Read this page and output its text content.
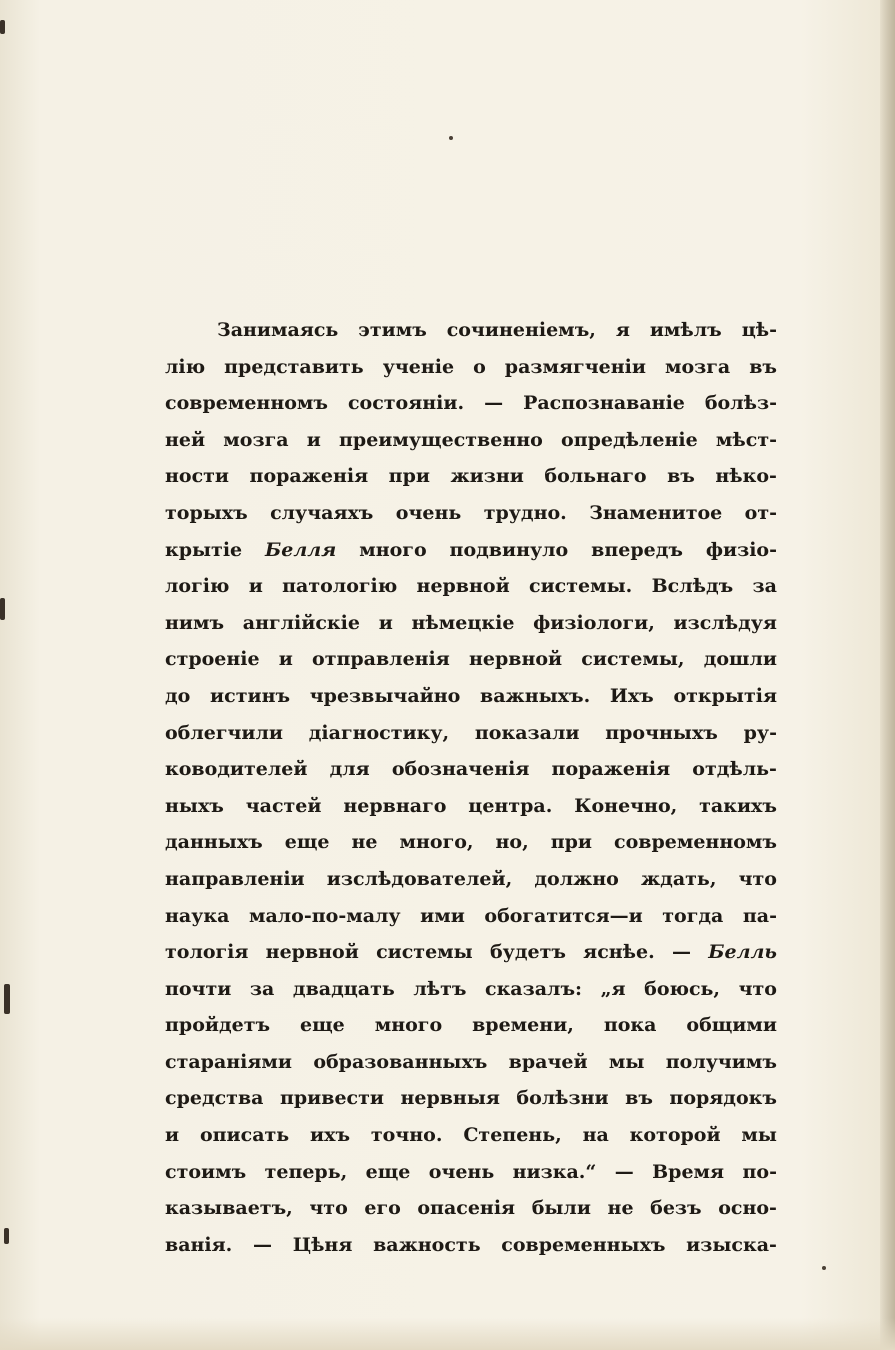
Занимаясь этимъ сочиненіемъ, я имѣлъ цѣ-
лію представить ученіе о размягченіи мозга въ
современномъ состояніи. — Распознаваніе болѣз-
ней мозга и преимущественно опредѣленіе мѣст-
ности пораженія при жизни больнаго въ нѣко-
торыхъ случаяхъ очень трудно. Знаменитое от-
крытіе Белля много подвинуло впередъ физіо-
логію и патологію нервной системы. Вслѣдъ за
нимъ англійскіе и нѣмецкіе физіологи, изслѣдуя
строеніе и отправленія нервной системы, дошли
до истинъ чрезвычайно важныхъ. Ихъ открытія
облегчили діагностику, показали прочныхъ ру-
ководителей для обозначенія пораженія отдѣль-
ныхъ частей нервнаго центра. Конечно, такихъ
данныхъ еще не много, но, при современномъ
направленіи изслѣдователей, должно ждать, что
наука мало-по-малу ими обогатится—и тогда па-
тологія нервной системы будетъ яснѣе. — Белль
почти за двадцать лѣтъ сказалъ: „я боюсь, что
пройдетъ еще много времени, пока общими
стараніями образованныхъ врачей мы получимъ
средства привести нервныя болѣзни въ порядокъ
и описать ихъ точно. Степень, на которой мы
стоимъ теперь, еще очень низка.“ — Время по-
казываетъ, что его опасенія были не безъ осно-
ванія. — Цѣня важность современныхъ изыска-
